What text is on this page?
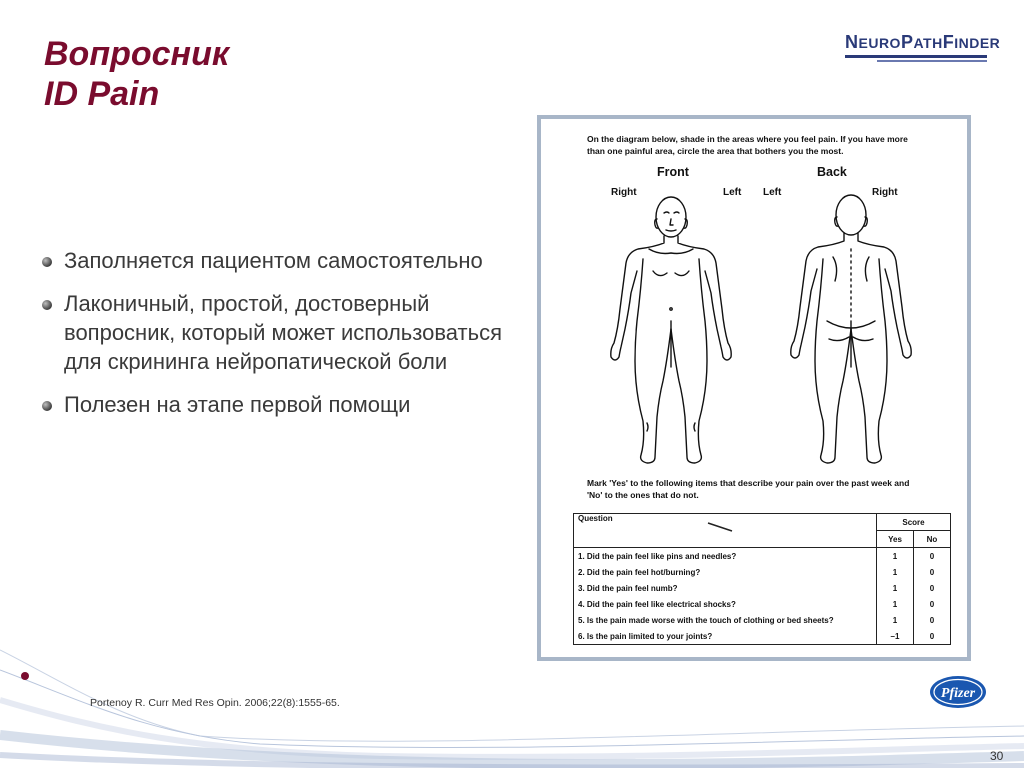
Вопросник
ID Pain
NEUROPATHFINDER
Заполняется пациентом самостоятельно
Лаконичный, простой, достоверный вопросник, который может использоваться для скрининга нейропатической боли
Полезен на этапе первой помощи
On the diagram below, shade in the areas where you feel pain. If you have more than one painful area, circle the area that bothers you the most.
Front	Back
Right	Left Left	Right
Mark 'Yes' to the following items that describe your pain over the past week and 'No' to the ones that do not.
Question	Score	
	Yes	No
1. Did the pain feel like pins and needles?	1	0
2. Did the pain feel hot/burning?	1	0
3. Did the pain feel numb?	1	0
4. Did the pain feel like electrical shocks?	1	0
5. Is the pain made worse with the touch of clothing or bed sheets?	1	0
6. Is the pain limited to your joints?	–1	0
Portenoy R. Curr Med Res Opin. 2006;22(8):1555-65.
Pfizer
30
